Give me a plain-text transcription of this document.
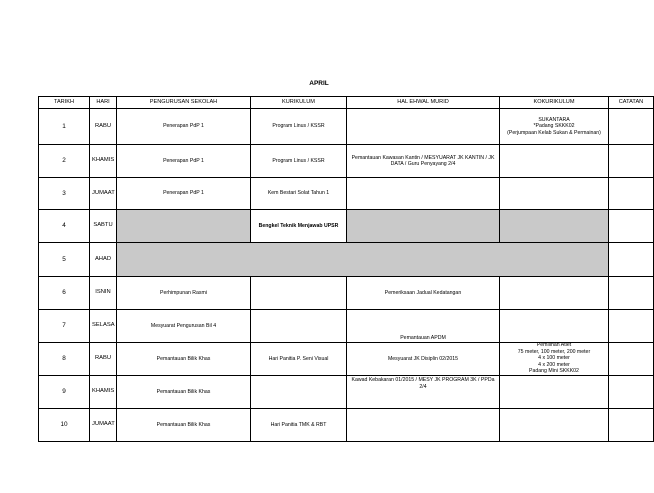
APRIL
TARIKH	HARI	PENGURUSAN SEKOLAH	KURIKULUM	HAL EHWAL MURID	KOKURIKULUM	CATATAN
1	RABU	Penerapan PdP 1	Program Linus / KSSR		SUKANTARA
*Padang SKKK02
(Perjumpaan Kelab Sukan & Permainan)	

2	KHAMIS	Penerapan PdP 1	Program Linus / KSSR	Pemantauan Kawasan Kantin / MESYUARAT JK KANTIN / JK DATA / Guru Penyayang 2/4		
3	JUMAAT	Penerapan PdP 1	Kem Bestari Solat Tahun 1			
4	SABTU		Bengkel Teknik Menjawab UPSR			
5	AHAD					
6	ISNIN	Perhimpunan Rasmi		Pemeriksaan Jadual Kedatangan		
7	SELASA	Mesyuarat Pengurusan Bil 4		Pemantauan APDM		
8	RABU	Pemantauan Bilik Khas	Hari Panitia P. Seni Visual	Mesyuarat JK Disiplin 02/2015	Pemilihan Atlet
75 meter, 100 meter, 200 meter
4 x 100 meter
4 x 200 meter
Padang Mini SKKK02	

9	KHAMIS	Pemantauan Bilik Khas		Kawad Kebakaran 01/2015 / MESY JK PROGRAM 3K / PPDa 2/4		
10	JUMAAT	Pemantauan Bilik Khas	Hari Panitia TMK & RBT			
